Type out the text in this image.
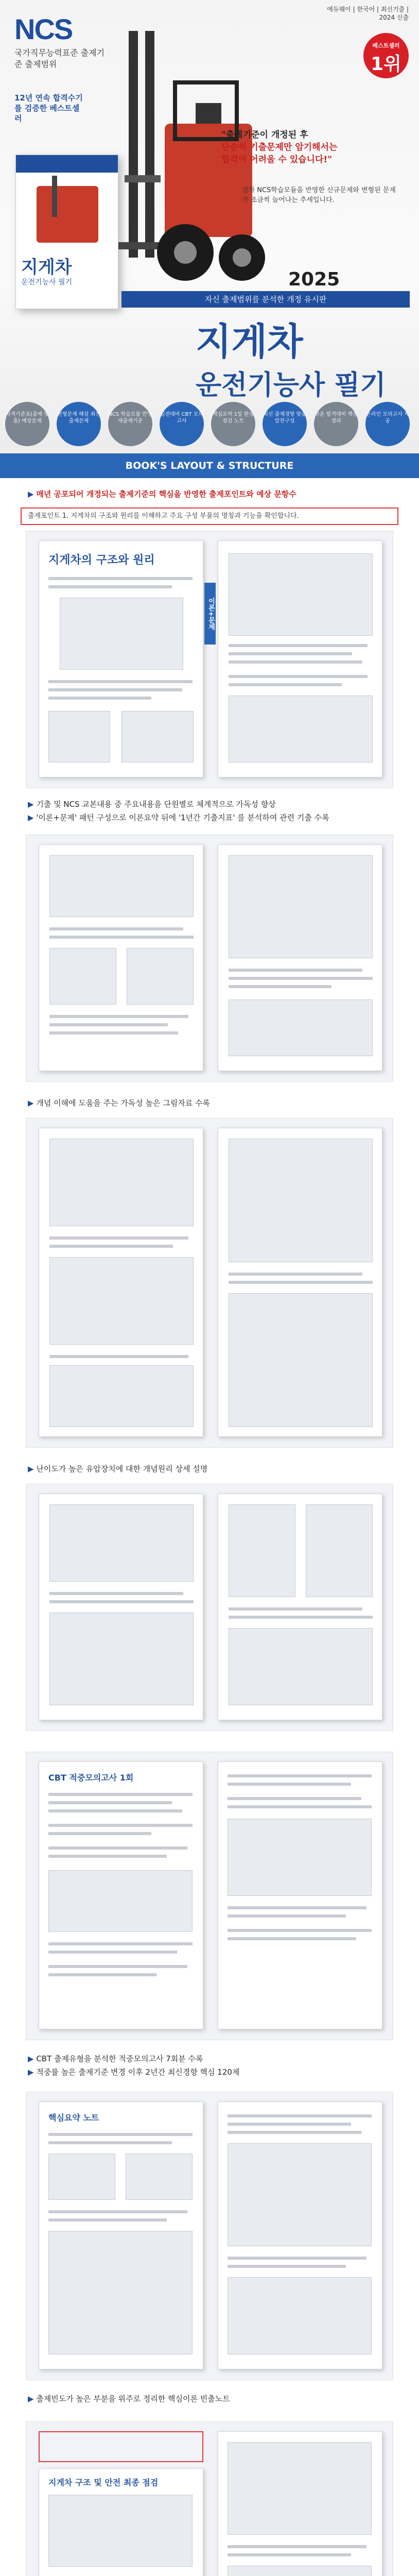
NCS
국가직무능력표준 출제기준 출제범위
12년 연속 합격수기를 검증한 베스트셀러
지게차
운전기능사 필기
에듀웨이 | 한국어 | 최신기출 | 2024 신출
베스트셀러
1위
"출제기준이 개정된 후
단순히 기출문제만 암기해서는
합격이 어려울 수 있습니다!"
점차 NCS학습모듈을 반영한 신규문제와 변형된 문제가 조금씩 늘어나는 추세입니다.
2025
자신 출제범위를 분석한 개정 유시판
지게차
운전기능사 필기
자격기준표(출제 맞춤) 예상문제
변형문제 해설 최신 출제문제
NCS 학습모듈 반영 새출제기준
실전대비 CBT 모의고사
핵심요약 1일 완성 점검 노트
최신 출제경향 맞춤 알찬구성
쉬운 합격대비 핵심 정리
온라인 모의고사 제공
BOOK'S LAYOUT & STRUCTURE
▶ 매년 공포되어 개정되는 출제기준의 핵심을 반영한 출제포인트와 예상 문항수
출제포인트 1. 지게차의 구조와 원리를 이해하고 주요 구성 부품의 명칭과 기능을 확인합니다.
지게차의 구조와 원리
이론+문제
▶ 기출 및 NCS 교본내용 중 주요내용을 단원별로 체계적으로 가독성 향상
▶ '이론+문제' 패턴 구성으로 이론요약 뒤에 '1년간 기출지표' 를 분석하여 관련 기출 수록
▶ 개념 이해에 도움을 주는 가독성 높은 그림자료 수록
▶ 난이도가 높은 유압장치에 대한 개념원리 상세 설명
CBT 적중모의고사 1회
▶ CBT 출제유형을 분석한 적중모의고사 7회분 수록
▶ 적중률 높은 출제기준 변경 이후 2년간 최신경향 핵심 120제
핵심요약 노트
▶ 출제빈도가 높은 부분을 위주로 정리한 핵심이론 빈출노트
지게차 구조 및 안전 최종 점검
